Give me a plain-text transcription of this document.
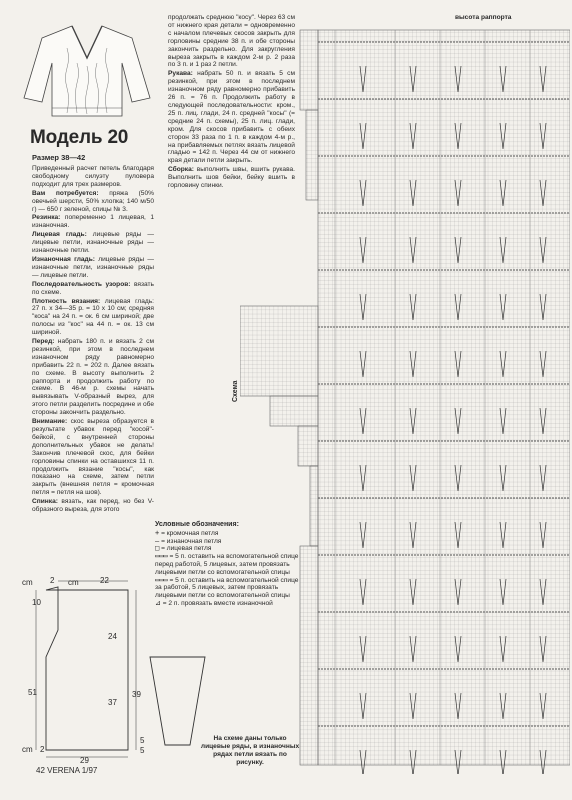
Модель 20
Размер 38—42

Приведенный расчет петель благодаря свободному силуэту пуловера подходит для трех размеров.

Вам потребуется: пряжа (50% овечьей шерсти, 50% хлопка; 140 м/50 г) — 650 г зеленой, спицы № 3.

Резинка: попеременно 1 лицевая, 1 изнаночная.

Лицевая гладь: лицевые ряды — лицевые петли, изнаночные ряды — изнаночные петли.

Изнаночная гладь: лицевые ряды — изнаночные петли, изнаночные ряды — лицевые петли.

Последовательность узоров: вязать по схеме.

Плотность вязания: лицевая гладь: 27 п. x 34—35 р. = 10 x 10 см; средняя "коса" на 24 п. = ок. 6 см шириной; две полосы из "кос" на 44 п. = ок. 13 см шириной.

Перед: набрать 180 п. и вязать 2 см резинкой, при этом в последнем изнаночном ряду равномерно прибавить 22 п. = 202 п. Далее вязать по схеме. В высоту выполнить 2 раппорта и продолжить работу по схеме. В 46-м р. схемы начать вывязывать V-образный вырез, для этого петли разделить посредине и обе стороны закончить раздельно.

Внимание: скос выреза образуется в результате убавок перед "косой"-бейкой, с внутренней стороны дополнительных убавок не делать! Закончив плечевой скос, для бейки горловины спинки на оставшихся 11 п. продолжить вязание "косы", как показано на схеме, затем петли закрыть (внешняя петля = кромочная петля = петля на шов).

Спинка: вязать, как перед, но без V-образного выреза, для этого

продолжать среднюю "косу". Через 63 см от нижнего края детали = одновременно с началом плечевых скосов закрыть для горловины средние 38 п. и обе стороны закончить раздельно. Для закругления выреза закрыть в каждом 2-м р. 2 раза по 3 п. и 1 раз 2 петли.

Рукава: набрать 50 п. и вязать 5 см резинкой, при этом в последнем изнаночном ряду равномерно прибавить 26 п. = 76 п. Продолжить работу в следующей последовательности: кром., 25 п. лиц. глади, 24 п. средней "косы" (= средние 24 п. схемы), 25 п. лиц. глади, кром. Для скосов прибавить с обеих сторон 33 раза по 1 п. в каждом 4-м р., на прибавляемых петлях вязать лицевой гладью = 142 п. Через 44 см от нижнего края детали петли закрыть.

Сборка: выполнить швы, вшить рукава. Выполнить шов бейки, бейку вшить в горловину спинки.

высота раппорта
Схема
Условные обозначения:
+ = кромочная петля
– = изнаночная петля
□ = лицевая петля
▭▭▭ = 5 п. оставить на вспомогательной спице перед работой, 5 лицевых, затем провязать лицевыми петли со вспомогательной спицы
▭▭▭ = 5 п. оставить на вспомогательной спице за работой, 5 лицевых, затем провязать лицевыми петли со вспомогательной спицы
⊿ = 2 п. провязать вместе изнаночной
На схеме даны только лицевые ряды, в изнаночных рядах петли вязать по рисунку.
cm 2 cm	22
10
24
51
37
39
cm 2
5
5
29
42 VERENA 1/97
